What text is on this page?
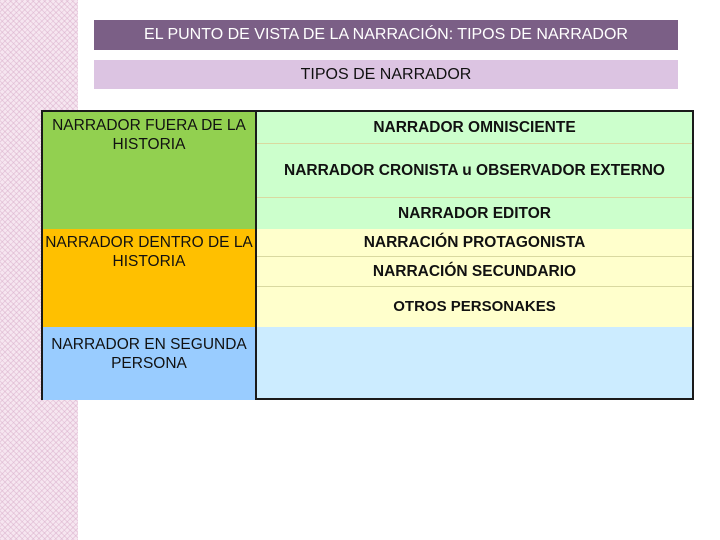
EL PUNTO DE VISTA DE LA NARRACIÓN: TIPOS DE NARRADOR
TIPOS DE NARRADOR
NARRADOR FUERA DE LA HISTORIA
NARRADOR DENTRO DE LA HISTORIA
NARRADOR EN SEGUNDA PERSONA
NARRADOR OMNISCIENTE
NARRADOR CRONISTA u OBSERVADOR EXTERNO
NARRADOR EDITOR
NARRACIÓN PROTAGONISTA
NARRACIÓN SECUNDARIO
OTROS PERSONAKES
